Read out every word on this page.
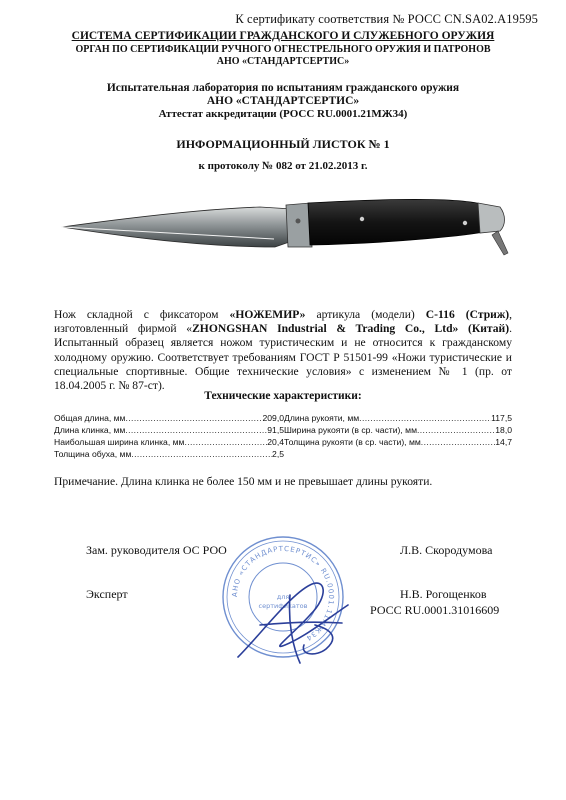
К сертификату соответствия № РОСС CN.SA02.A19595
СИСТЕМА СЕРТИФИКАЦИИ ГРАЖДАНСКОГО И СЛУЖЕБНОГО ОРУЖИЯ
ОРГАН ПО СЕРТИФИКАЦИИ РУЧНОГО ОГНЕСТРЕЛЬНОГО ОРУЖИЯ И ПАТРОНОВ
АНО «СТАНДАРТСЕРТИС»
Испытательная лаборатория по испытаниям гражданского оружия
АНО «СТАНДАРТСЕРТИС»
Аттестат аккредитации (РОСС RU.0001.21МЖ34)
ИНФОРМАЦИОННЫЙ ЛИСТОК № 1
к протоколу № 082 от 21.02.2013 г.
Нож складной с фиксатором «НОЖЕМИР» артикула (модели) С-116 (Стриж), изготовленный фирмой «ZHONGSHAN Industrial & Trading Co., Ltd» (Китай). Испытанный образец является ножом туристическим и не относится к гражданскому холодному оружию. Соответствует требованиям ГОСТ Р 51501-99 «Ножи туристические и специальные спортивные. Общие технические условия» с изменением № 1 (пр. от 18.04.2005 г. № 87-ст).
Технические характеристики:
Общая длина, мм .....	209,0
Длина клинка, мм .....	91,5
Наибольшая ширина клинка, мм .....	20,4
Толщина обуха, мм .....	2,5
Длина рукояти, мм .....	117,5
Ширина рукояти (в ср. части), мм .....	18,0
Толщина рукояти (в ср. части), мм .....	14,7
Примечание. Длина клинка не более 150 мм и не превышает длины рукояти.
Зам. руководителя ОС РОО	Л.В. Скородумова
Эксперт	Н.В. Рогощенков
РОСС RU.0001.31016609
для
сертификатов
АНО «СТАНДАРТСЕРТИС» RU.0001.11МЖ34
